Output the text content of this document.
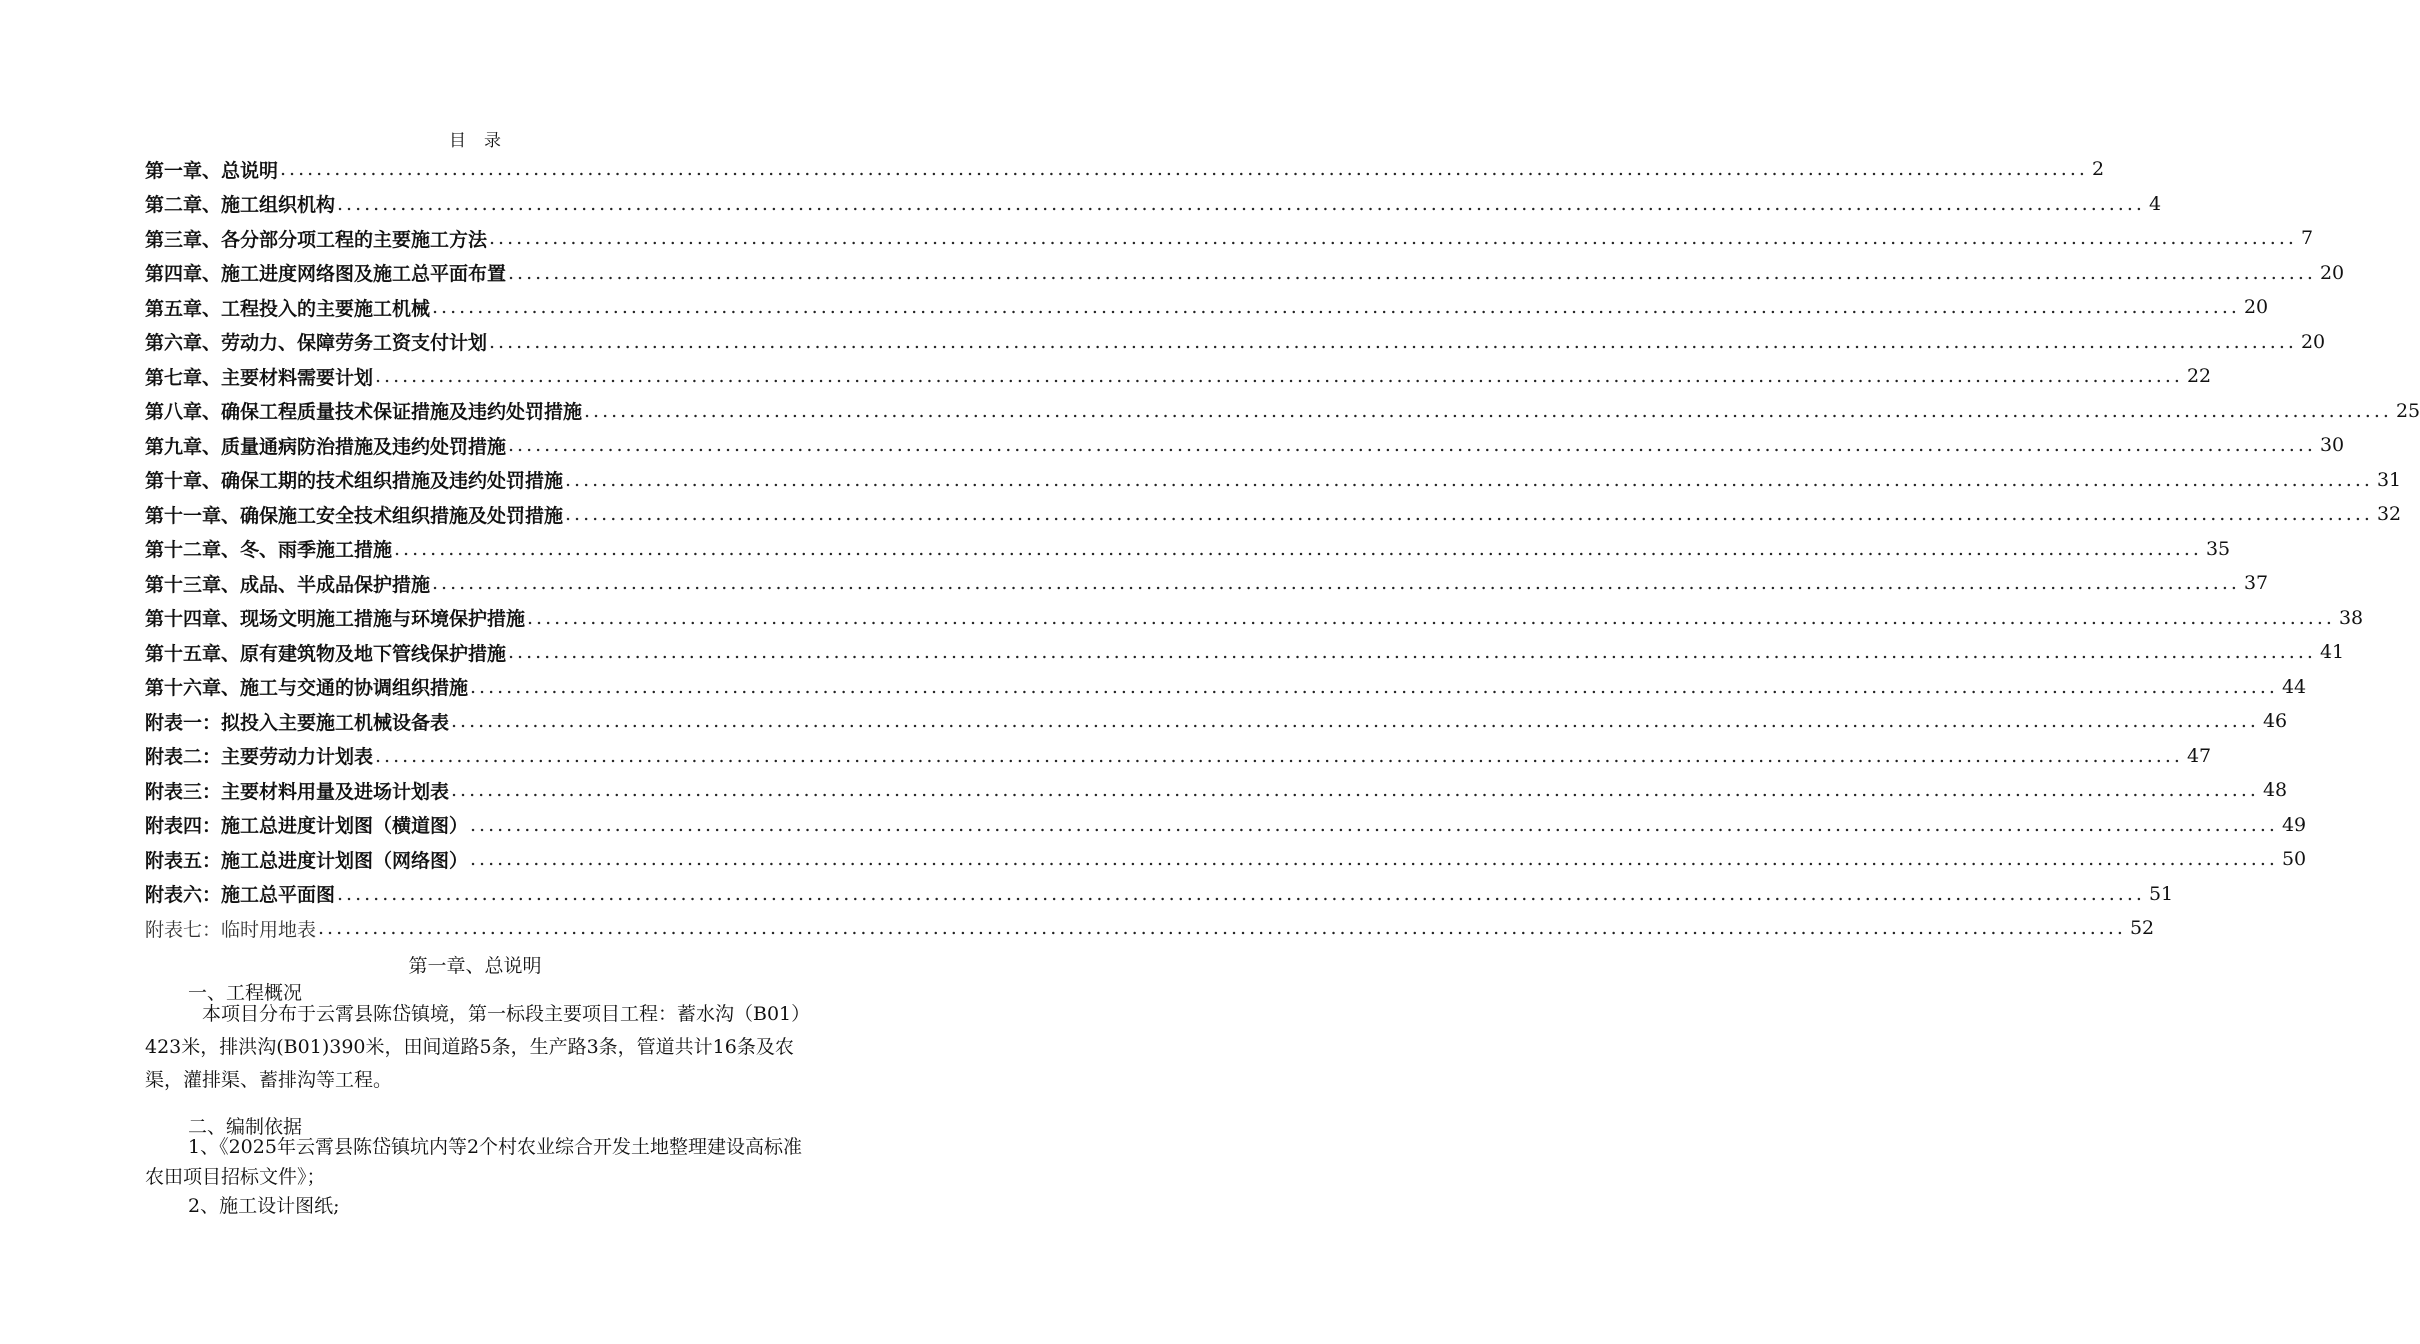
目录
第一章、总说明 ........................................................................................................................................................................................................ 2
第二章、施工组织机构 ........................................................................................................................................................................................................ 4
第三章、各分部分项工程的主要施工方法 ........................................................................................................................................................................................................ 7
第四章、施工进度网络图及施工总平面布置 ........................................................................................................................................................................................................ 20
第五章、工程投入的主要施工机械 ........................................................................................................................................................................................................ 20
第六章、劳动力、保障劳务工资支付计划 ........................................................................................................................................................................................................ 20
第七章、主要材料需要计划 ........................................................................................................................................................................................................ 22
第八章、确保工程质量技术保证措施及违约处罚措施 ........................................................................................................................................................................................................ 25
第九章、质量通病防治措施及违约处罚措施 ........................................................................................................................................................................................................ 30
第十章、确保工期的技术组织措施及违约处罚措施 ........................................................................................................................................................................................................ 31
第十一章、确保施工安全技术组织措施及处罚措施 ........................................................................................................................................................................................................ 32
第十二章、冬、雨季施工措施 ........................................................................................................................................................................................................ 35
第十三章、成品、半成品保护措施 ........................................................................................................................................................................................................ 37
第十四章、现场文明施工措施与环境保护措施 ........................................................................................................................................................................................................ 38
第十五章、原有建筑物及地下管线保护措施 ........................................................................................................................................................................................................ 41
第十六章、施工与交通的协调组织措施 ........................................................................................................................................................................................................ 44
附表一：拟投入主要施工机械设备表 ........................................................................................................................................................................................................ 46
附表二：主要劳动力计划表 ........................................................................................................................................................................................................ 47
附表三：主要材料用量及进场计划表 ........................................................................................................................................................................................................ 48
附表四：施工总进度计划图（横道图） ........................................................................................................................................................................................................ 49
附表五：施工总进度计划图（网络图） ........................................................................................................................................................................................................ 50
附表六：施工总平面图 ........................................................................................................................................................................................................ 51
附表七：临时用地表 ........................................................................................................................................................................................................ 52
第一章、总说明
一、工程概况
本项目分布于云霄县陈岱镇境，第一标段主要项目工程：蓄水沟（B01）423米，排洪沟(B01)390米，田间道路5条，生产路3条，管道共计16条及农渠，灌排渠、蓄排沟等工程。
二、编制依据
1、《2025年云霄县陈岱镇坑内等2个村农业综合开发土地整理建设高标准农田项目招标文件》；
2、施工设计图纸;
